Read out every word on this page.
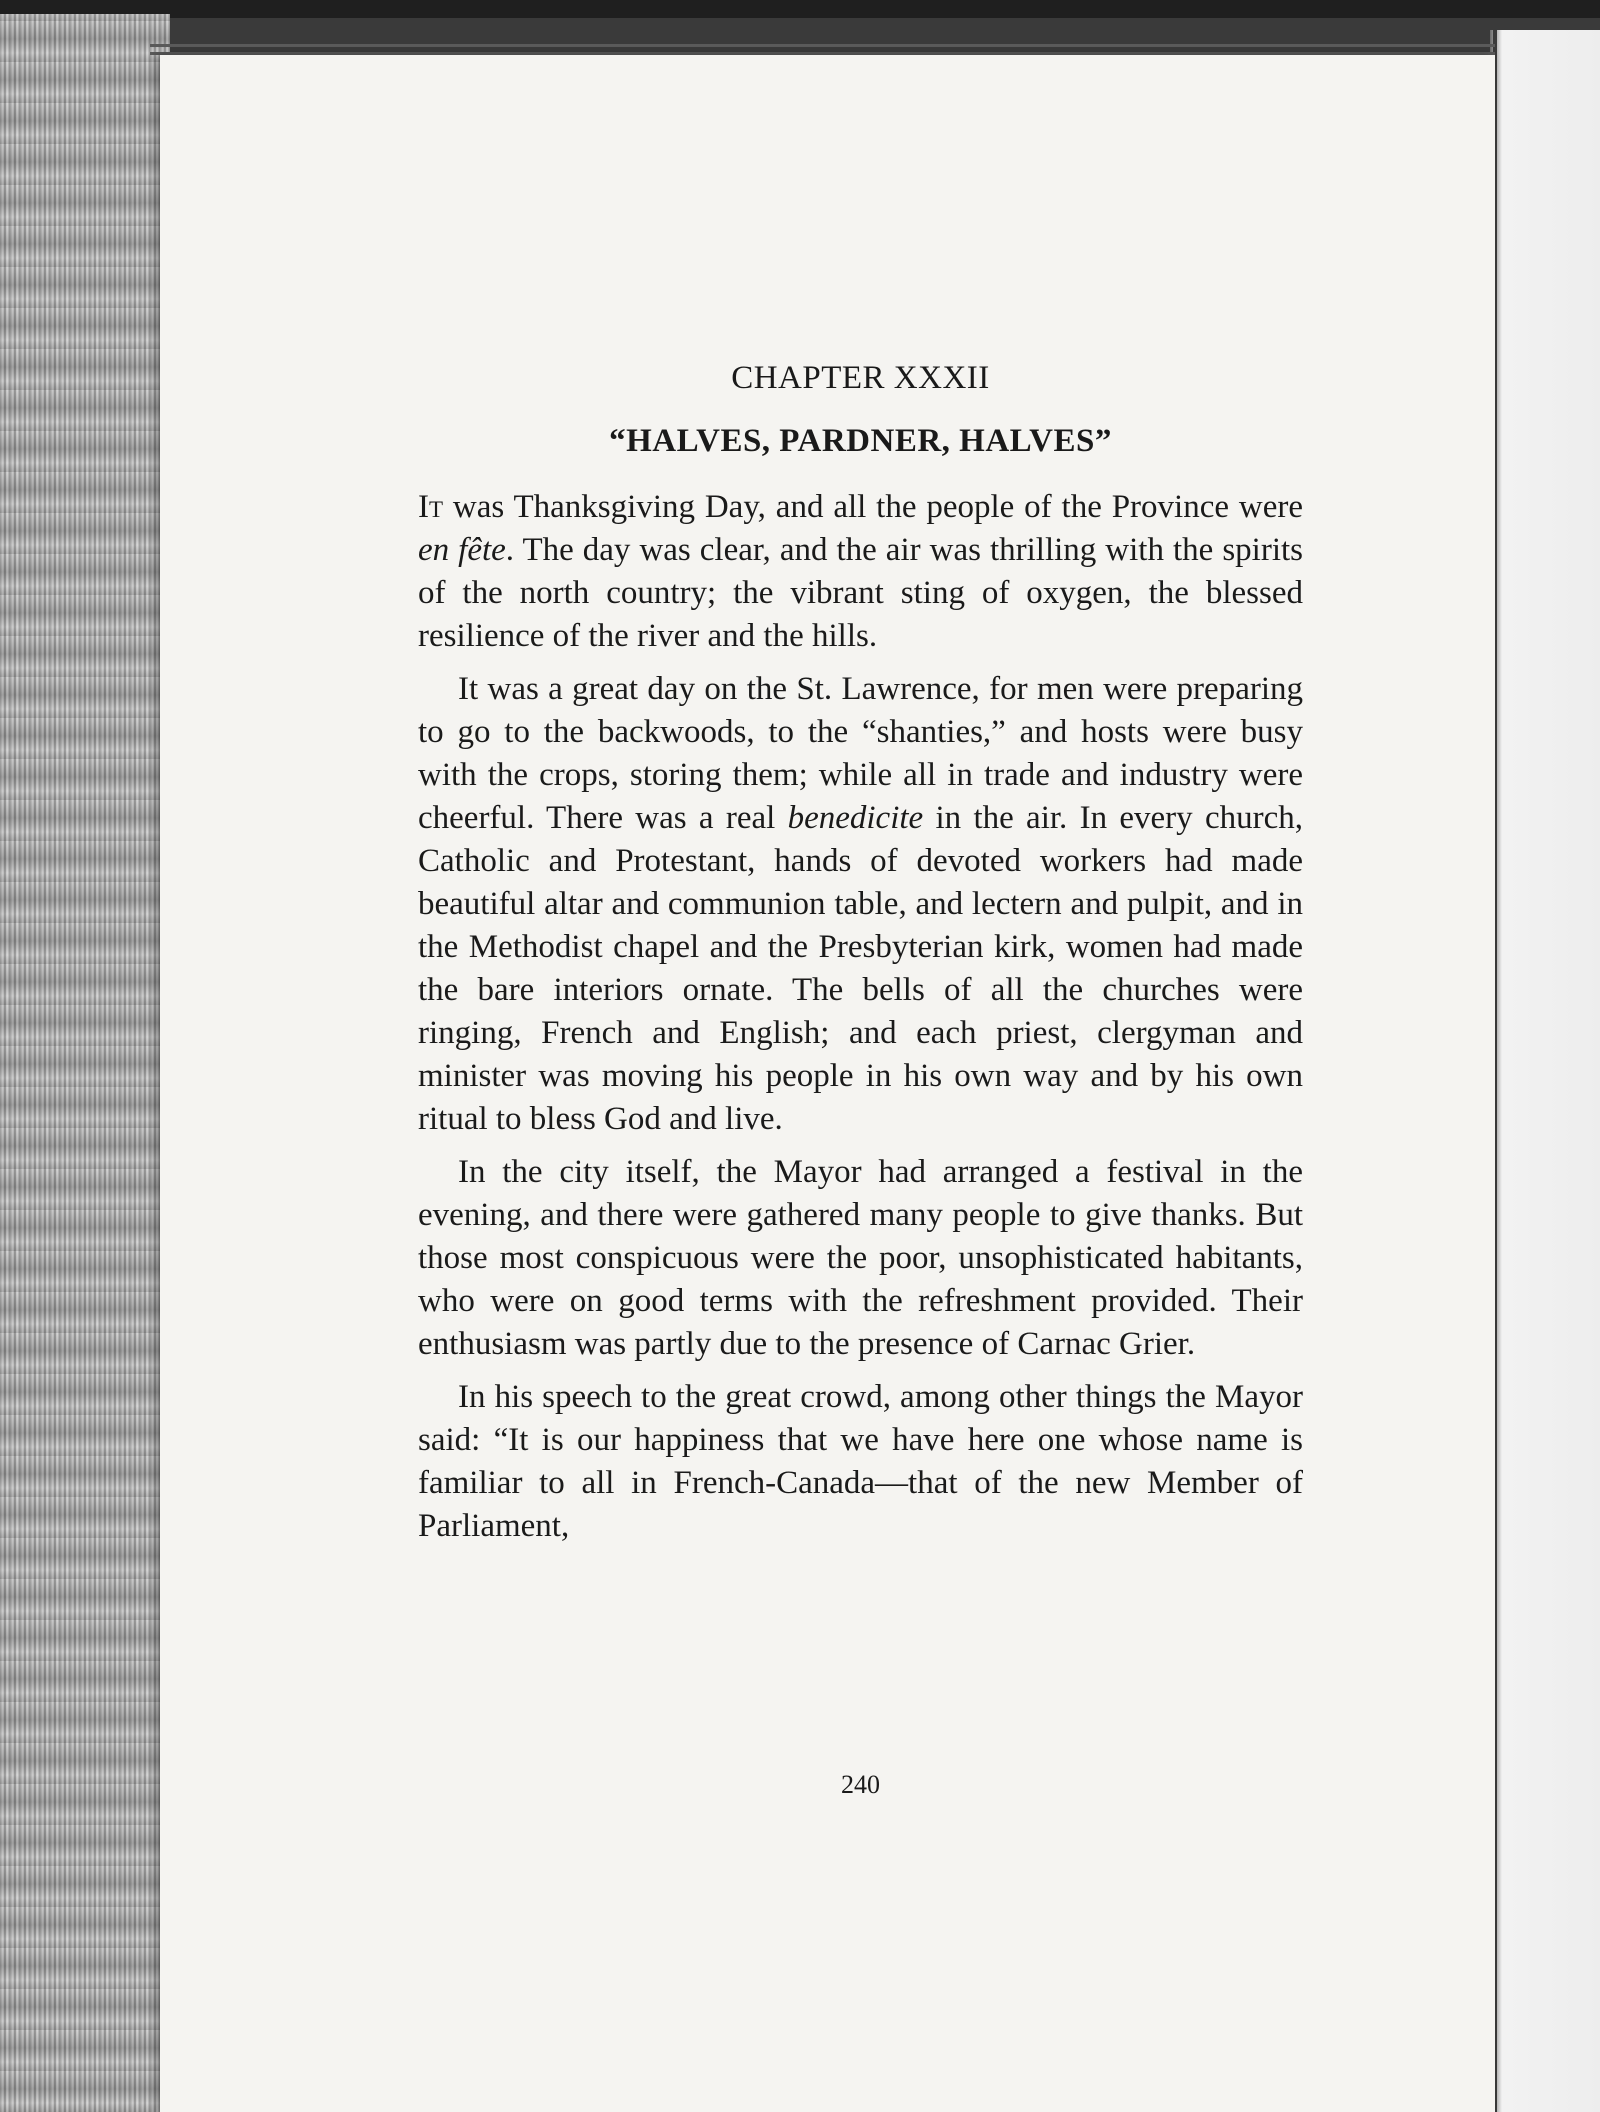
CHAPTER XXXII
“HALVES, PARDNER, HALVES”
It was Thanksgiving Day, and all the people of the Province were en fête. The day was clear, and the air was thrilling with the spirits of the north country; the vibrant sting of oxygen, the blessed resilience of the river and the hills.
It was a great day on the St. Lawrence, for men were preparing to go to the backwoods, to the “shanties,” and hosts were busy with the crops, storing them; while all in trade and industry were cheerful. There was a real benedicite in the air. In every church, Catholic and Protestant, hands of devoted workers had made beautiful altar and communion table, and lectern and pulpit, and in the Methodist chapel and the Presbyterian kirk, women had made the bare interiors ornate. The bells of all the churches were ringing, French and English; and each priest, clergyman and minister was moving his people in his own way and by his own ritual to bless God and live.
In the city itself, the Mayor had arranged a festival in the evening, and there were gathered many people to give thanks. But those most conspicuous were the poor, unsophisticated habitants, who were on good terms with the refreshment provided. Their enthusiasm was partly due to the presence of Carnac Grier.
In his speech to the great crowd, among other things the Mayor said: “It is our happiness that we have here one whose name is familiar to all in French-Canada—that of the new Member of Parliament,
240
